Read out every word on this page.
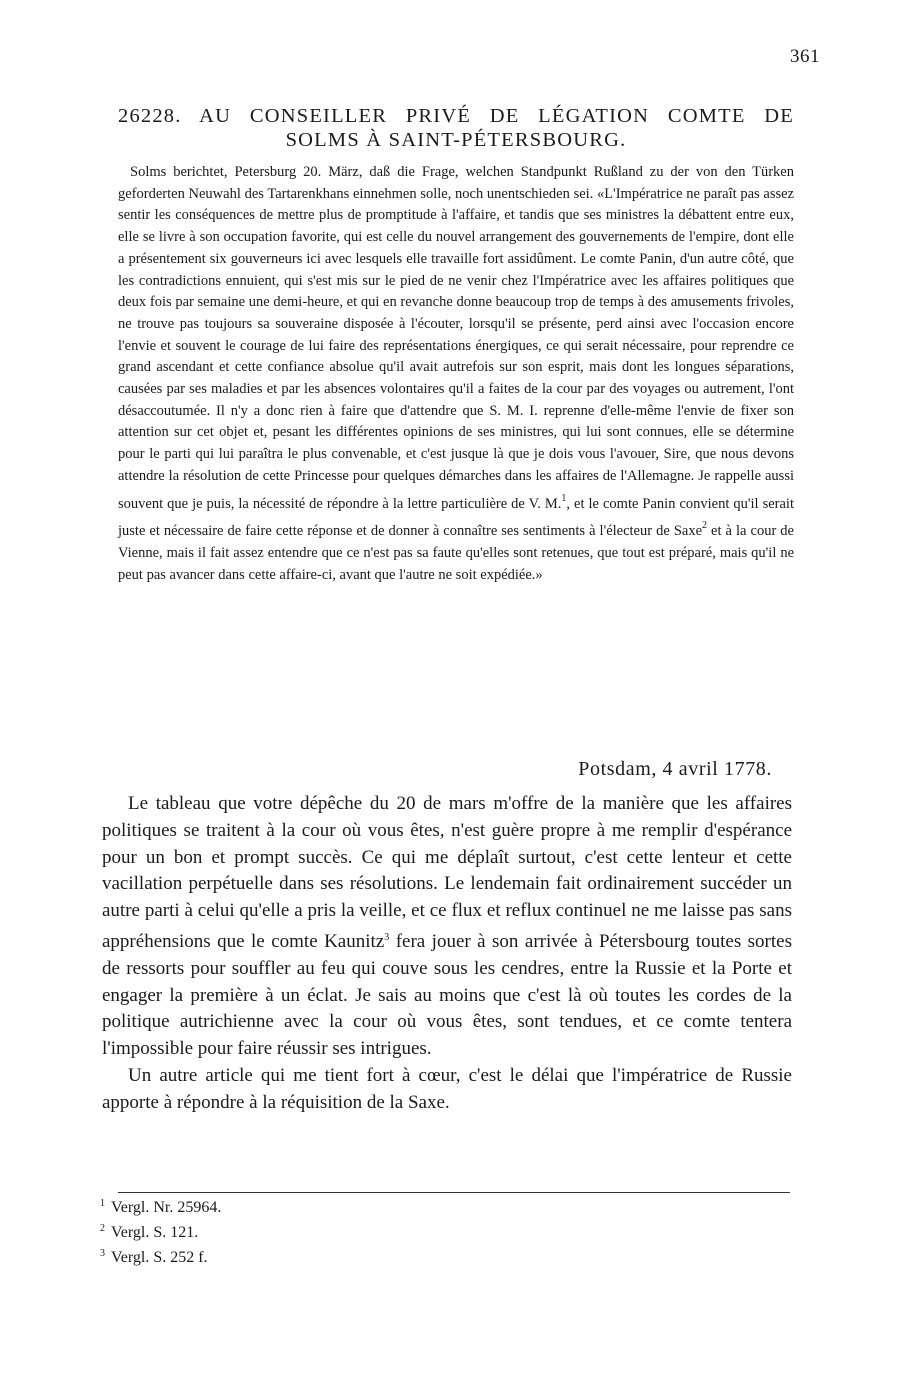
361
26228. AU CONSEILLER PRIVÉ DE LÉGATION COMTE DE
SOLMS À SAINT-PÉTERSBOURG.
Solms berichtet, Petersburg 20. März, daß die Frage, welchen Standpunkt Rußland zu der von den Türken geforderten Neuwahl des Tartarenkhans einnehmen solle, noch unentschieden sei. «L'Impératrice ne paraît pas assez sentir les conséquences de mettre plus de promptitude à l'affaire, et tandis que ses ministres la débattent entre eux, elle se livre à son occupation favorite, qui est celle du nouvel arrangement des gouvernements de l'empire, dont elle a présentement six gouverneurs ici avec lesquels elle travaille fort assidûment. Le comte Panin, d'un autre côté, que les contradictions ennuient, qui s'est mis sur le pied de ne venir chez l'Impératrice avec les affaires politiques que deux fois par semaine une demi-heure, et qui en revanche donne beaucoup trop de temps à des amusements frivoles, ne trouve pas toujours sa souveraine disposée à l'écouter, lorsqu'il se présente, perd ainsi avec l'occasion encore l'envie et souvent le courage de lui faire des représentations énergiques, ce qui serait nécessaire, pour reprendre ce grand ascendant et cette confiance absolue qu'il avait autrefois sur son esprit, mais dont les longues séparations, causées par ses maladies et par les absences volontaires qu'il a faites de la cour par des voyages ou autrement, l'ont désaccoutumée. Il n'y a donc rien à faire que d'attendre que S. M. I. reprenne d'elle-même l'envie de fixer son attention sur cet objet et, pesant les différentes opinions de ses ministres, qui lui sont connues, elle se détermine pour le parti qui lui paraîtra le plus convenable, et c'est jusque là que je dois vous l'avouer, Sire, que nous devons attendre la résolution de cette Princesse pour quelques démarches dans les affaires de l'Allemagne. Je rappelle aussi souvent que je puis, la nécessité de répondre à la lettre particulière de V. M.$^1$, et le comte Panin convient qu'il serait juste et nécessaire de faire cette réponse et de donner à connaître ses sentiments à l'électeur de Saxe$^2$ et à la cour de Vienne, mais il fait assez entendre que ce n'est pas sa faute qu'elles sont retenues, que tout est préparé, mais qu'il ne peut pas avancer dans cette affaire-ci, avant que l'autre ne soit expédiée.»
Potsdam, 4 avril 1778.

Le tableau que votre dépêche du 20 de mars m'offre de la manière que les affaires politiques se traitent à la cour où vous êtes, n'est guère propre à me remplir d'espérance pour un bon et prompt succès. Ce qui me déplaît surtout, c'est cette lenteur et cette vacillation perpétuelle dans ses résolutions. Le lendemain fait ordinairement succéder un autre parti à celui qu'elle a pris la veille, et ce flux et reflux continuel ne me laisse pas sans appréhensions que le comte Kaunitz$^3$ fera jouer à son arrivée à Pétersbourg toutes sortes de ressorts pour souffler au feu qui couve sous les cendres, entre la Russie et la Porte et engager la première à un éclat. Je sais au moins que c'est là où toutes les cordes de la politique autrichienne avec la cour où vous êtes, sont tendues, et ce comte tentera l'impossible pour faire réussir ses intrigues.

Un autre article qui me tient fort à cœur, c'est le délai que l'impératrice de Russie apporte à répondre à la réquisition de la Saxe.

$^1$ Vergl. Nr. 25964.
$^2$ Vergl. S. 121.
$^3$ Vergl. S. 252 f.
